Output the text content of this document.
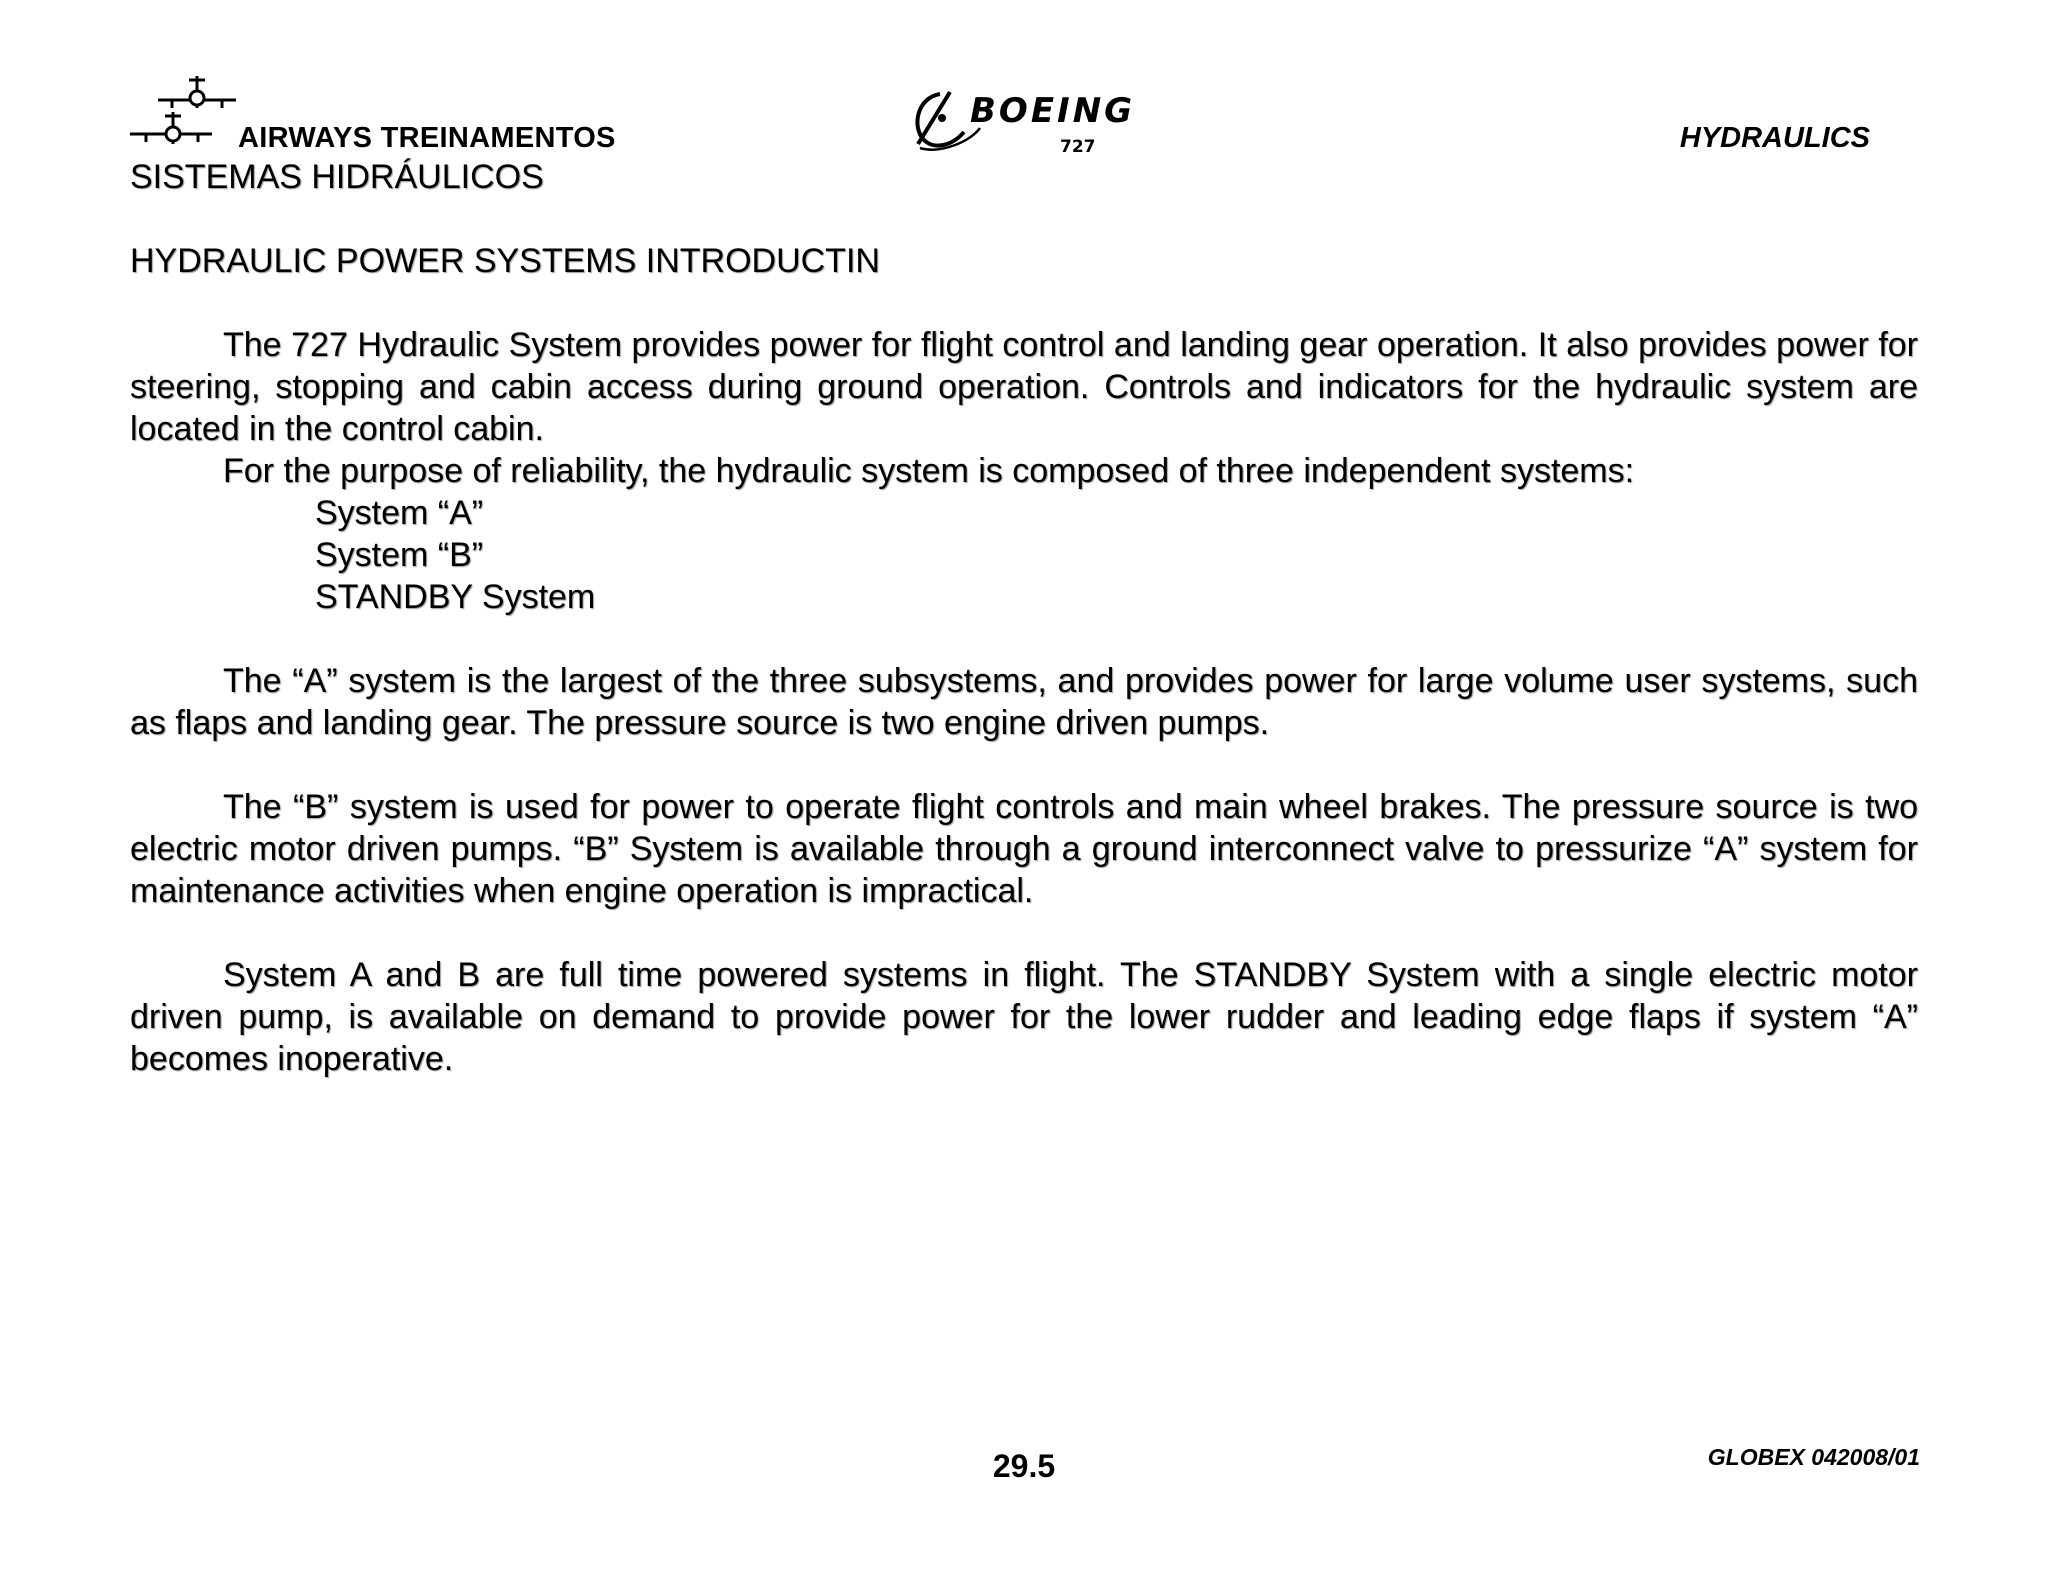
AIRWAYS TREINAMENTOS
BOEING
727	HYDRAULICS

SISTEMAS HIDRÁULICOS

HYDRAULIC POWER SYSTEMS INTRODUCTIN

The 727 Hydraulic System provides power for flight control and landing gear operation. It also provides power for steering, stopping and cabin access during ground operation. Controls and indicators for the hydraulic system are located in the control cabin.

For the purpose of reliability, the hydraulic system is composed of three independent systems:

System “A”

System “B”

STANDBY System

The “A” system is the largest of the three subsystems, and provides power for large volume user systems, such as flaps and landing gear. The pressure source is two engine driven pumps.

The “B” system is used for power to operate flight controls and main wheel brakes. The pressure source is two electric motor driven pumps. “B” System is available through a ground interconnect valve to pressurize “A” system for maintenance activities when engine operation is impractical.

System A and B are full time powered systems in flight. The STANDBY System with a single electric motor driven pump, is available on demand to provide power for the lower rudder and leading edge flaps if system “A” becomes inoperative.

29.5	GLOBEX 042008/01
